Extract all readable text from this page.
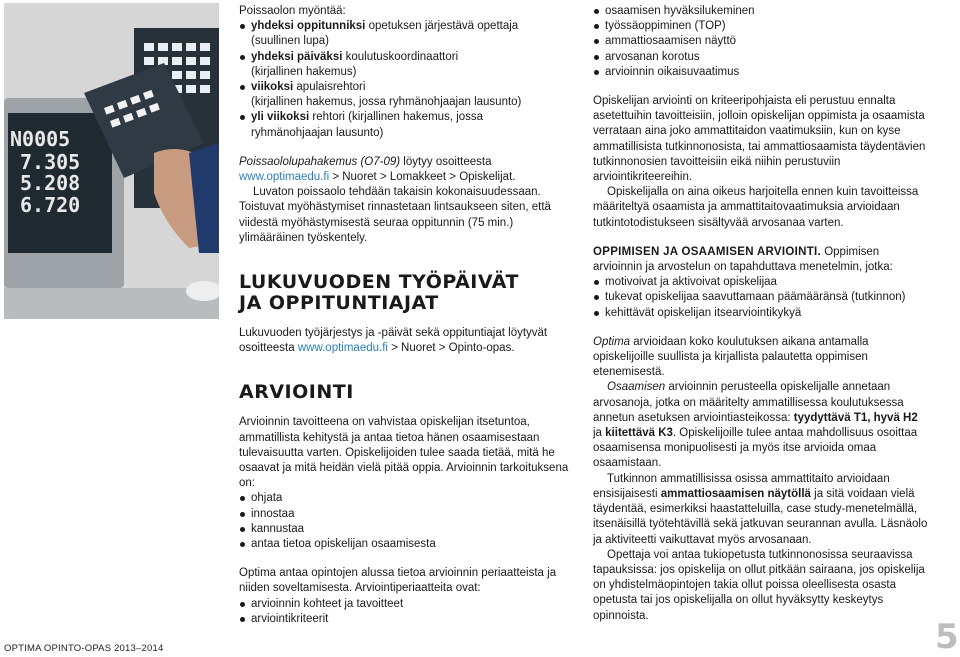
N0005
7.305
5.208
6.720

Poissaolon myöntää:

yhdeksi oppitunniksi opetuksen järjestävä opettaja
(suullinen lupa)
yhdeksi päiväksi koulutuskoordinaattori
(kirjallinen hakemus)
viikoksi apulaisrehtori
(kirjallinen hakemus, jossa ryhmänohjaajan lausunto)
yli viikoksi rehtori (kirjallinen hakemus, jossa
ryhmänohjaajan lausunto)

Poissaololupahakemus (O7-09) löytyy osoitteesta
www.optimaedu.fi > Nuoret > Lomakkeet > Opiskelijat.

Luvaton poissaolo tehdään takaisin kokonaisuudessaan. Toistuvat myöhästymiset rinnastetaan lintsaukseen siten, että viidestä myöhästymisestä seuraa oppitunnin (75 min.) ylimääräinen työskentely.

LUKUVUODEN TYÖPÄIVÄT

JA OPPITUNTIAJAT

Lukuvuoden työjärjestys ja -päivät sekä oppituntiajat löytyvät osoitteesta www.optimaedu.fi > Nuoret > Opinto-opas.

ARVIOINTI

Arvioinnin tavoitteena on vahvistaa opiskelijan itsetuntoa, ammatillista kehitystä ja antaa tietoa hänen osaamisestaan tulevaisuutta varten. Opiskelijoiden tulee saada tietää, mitä he osaavat ja mitä heidän vielä pitää oppia. Arvioinnin tarkoituksena on:

ohjata
innostaa
kannustaa
antaa tietoa opiskelijan osaamisesta

Optima antaa opintojen alussa tietoa arvioinnin periaatteista ja niiden soveltamisesta. Arviointiperiaatteita ovat:

arvioinnin kohteet ja tavoitteet
arviointikriteerit
osaamisen hyväksilukeminen
työssäoppiminen (TOP)
ammattiosaamisen näyttö
arvosanan korotus
arvioinnin oikaisuvaatimus

Opiskelijan arviointi on kriteeripohjaista eli perustuu ennalta asetettuihin tavoitteisiin, jolloin opiskelijan oppimista ja osaamista verrataan aina joko ammattitaidon vaatimuksiin, kun on kyse ammatillisista tutkinnonosista, tai ammattiosaamista täydentävien tutkinnonosien tavoitteisiin eikä niihin perustuviin arviointikriteereihin.

Opiskelijalla on aina oikeus harjoitella ennen kuin tavoitteissa määriteltyä osaamista ja ammattitaitovaatimuksia arvioidaan tutkintotodistukseen sisältyvää arvosanaa varten.

OPPIMISEN JA OSAAMISEN ARVIOINTI. Oppimisen arvioinnin ja arvostelun on tapahduttava menetelmin, jotka:

motivoivat ja aktivoivat opiskelijaa
tukevat opiskelijaa saavuttamaan päämääränsä (tutkinnon)
kehittävät opiskelijan itsearviointikykyä

Optima arvioidaan koko koulutuksen aikana antamalla opiskelijoille suullista ja kirjallista palautetta oppimisen etenemisestä.

Osaamisen arvioinnin perusteella opiskelijalle annetaan arvosanoja, jotka on määritelty ammatillisessa koulutuksessa annetun asetuksen arviointiasteikossa: tyydyttävä T1, hyvä H2 ja kiitettävä K3. Opiskelijoille tulee antaa mahdollisuus osoittaa osaamisensa monipuolisesti ja myös itse arvioida omaa osaamistaan.

Tutkinnon ammatillisissa osissa ammattitaito arvioidaan ensisijaisesti ammattiosaamisen näytöllä ja sitä voidaan vielä täydentää, esimerkiksi haastatteluilla, case study-menetelmällä, itsenäisillä työtehtävillä sekä jatkuvan seurannan avulla. Läsnäolo ja aktiviteetti vaikuttavat myös arvosanaan.

Opettaja voi antaa tukiopetusta tutkinnonosissa seuraavissa tapauksissa: jos opiskelija on ollut pitkään sairaana, jos opiskelija on yhdistelmäopintojen takia ollut poissa oleellisesta osasta opetusta tai jos opiskelijalla on ollut hyväksytty keskeytys opinnoista.

OPTIMA OPINTO-OPAS 2013–2014	5
